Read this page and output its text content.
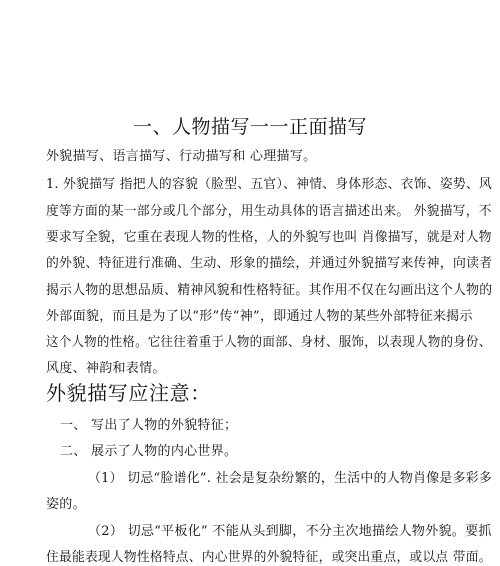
一、人物描写一一正面描写
外貌描写、语言描写、行动描写和 心理描写。
1. 外貌描写 指把人的容貌（脸型、五官）、神情、身体形态、衣饰、姿势、风
度等方面的某一部分或几个部分，用生动具体的语言描述出来。 外貌描写，不
要求写全貌，它重在表现人物的性格，人的外貌写也叫 肖像描写，就是对人物
的外貌、特征进行准确、生动、形象的描绘，并通过外貌描写来传神，向读者
揭示人物的思想品质、精神风貌和性格特征。其作用不仅在勾画出这个人物的
外部面貌，而且是为了以“形”传“神”，即通过人物的某些外部特征来揭示
这个人物的性格。它往往着重于人物的面部、身材、服饰，以表现人物的身份、
风度、神韵和表情。
外貌描写应注意：
一、 写出了人物的外貌特征；
二、 展示了人物的内心世界。
（1） 切忌“脸谱化”. 社会是复杂纷繁的，生活中的人物肖像是多彩多
姿的。
（2） 切忌“平板化” 不能从头到脚，不分主次地描绘人物外貌。要抓
住最能表现人物性格特点、内心世界的外貌特征，或突出重点，或以点 带面。
